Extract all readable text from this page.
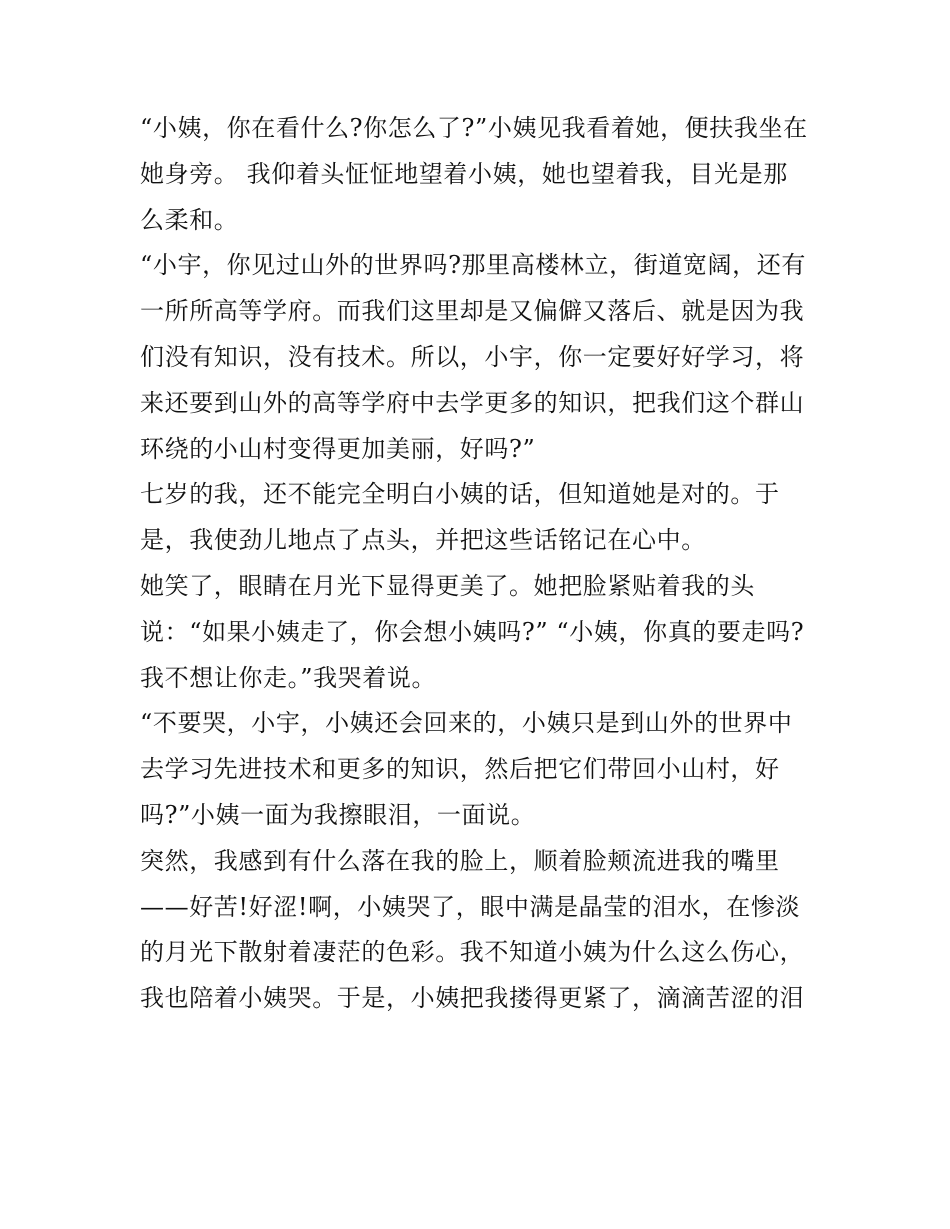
“小姨，你在看什么?你怎么了?”小姨见我看着她，便扶我坐在
她身旁。 我仰着头怔怔地望着小姨，她也望着我，目光是那
么柔和。
“小宇，你见过山外的世界吗?那里高楼林立，街道宽阔，还有
一所所高等学府。而我们这里却是又偏僻又落后、就是因为我
们没有知识，没有技术。所以，小宇，你一定要好好学习，将
来还要到山外的高等学府中去学更多的知识，把我们这个群山
环绕的小山村变得更加美丽，好吗?”
七岁的我，还不能完全明白小姨的话，但知道她是对的。于
是，我使劲儿地点了点头，并把这些话铭记在心中。
她笑了，眼睛在月光下显得更美了。她把脸紧贴着我的头
说：“如果小姨走了，你会想小姨吗?” “小姨，你真的要走吗?
我不想让你走。”我哭着说。
“不要哭，小宇，小姨还会回来的，小姨只是到山外的世界中
去学习先进技术和更多的知识，然后把它们带回小山村，好
吗?”小姨一面为我擦眼泪，一面说。
突然，我感到有什么落在我的脸上，顺着脸颊流进我的嘴里
——好苦!好涩!啊，小姨哭了，眼中满是晶莹的泪水，在惨淡
的月光下散射着凄茫的色彩。我不知道小姨为什么这么伤心，
我也陪着小姨哭。于是，小姨把我搂得更紧了，滴滴苦涩的泪
